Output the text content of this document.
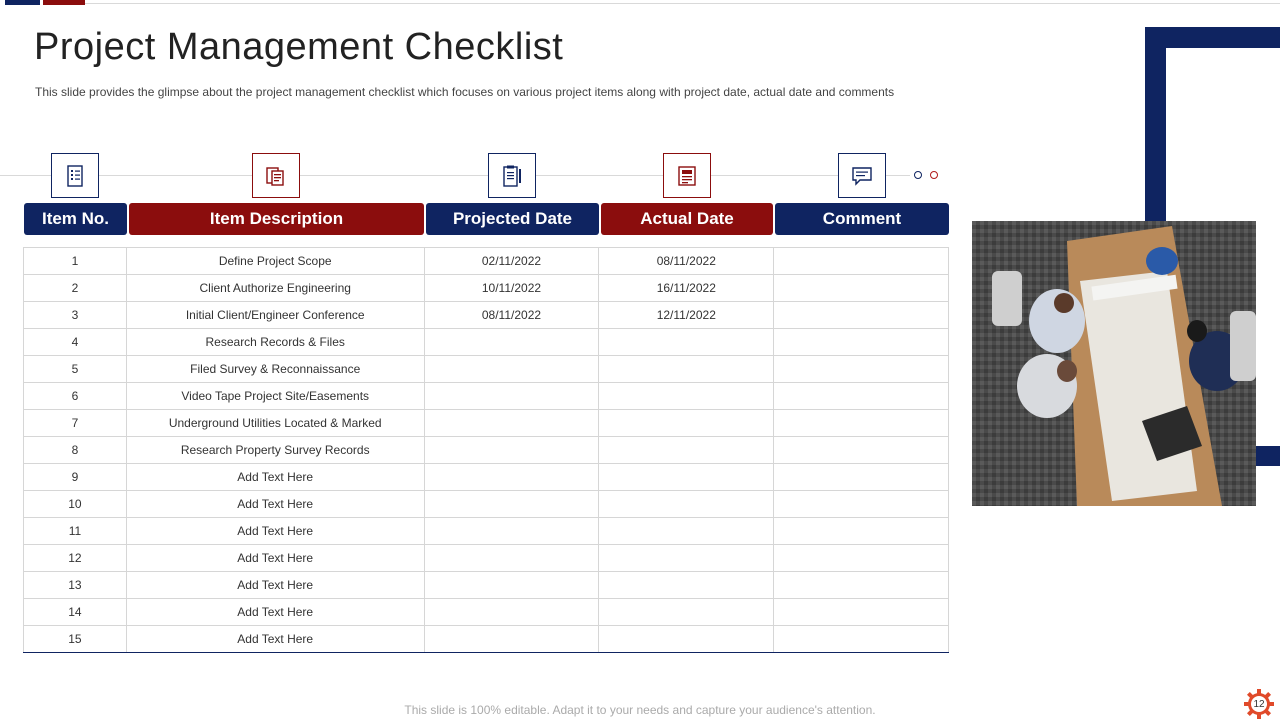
Project Management Checklist

This slide provides the glimpse about the project management checklist which focuses on various project items along with project date, actual date and comments

Item No.	Item Description	Projected Date	Actual Date	Comment
1	Define Project Scope	02/11/2022	08/11/2022	
2	Client Authorize Engineering	10/11/2022	16/11/2022	
3	Initial Client/Engineer Conference	08/11/2022	12/11/2022	
4	Research Records & Files			
5	Filed Survey & Reconnaissance			
6	Video Tape Project Site/Easements			
7	Underground Utilities Located & Marked			
8	Research Property Survey Records			
9	Add Text Here			
10	Add Text Here			
11	Add Text Here			
12	Add Text Here			
13	Add Text Here			
14	Add Text Here			
15	Add Text Here			
This slide is 100% editable. Adapt it to your needs and capture your audience's attention.	12
